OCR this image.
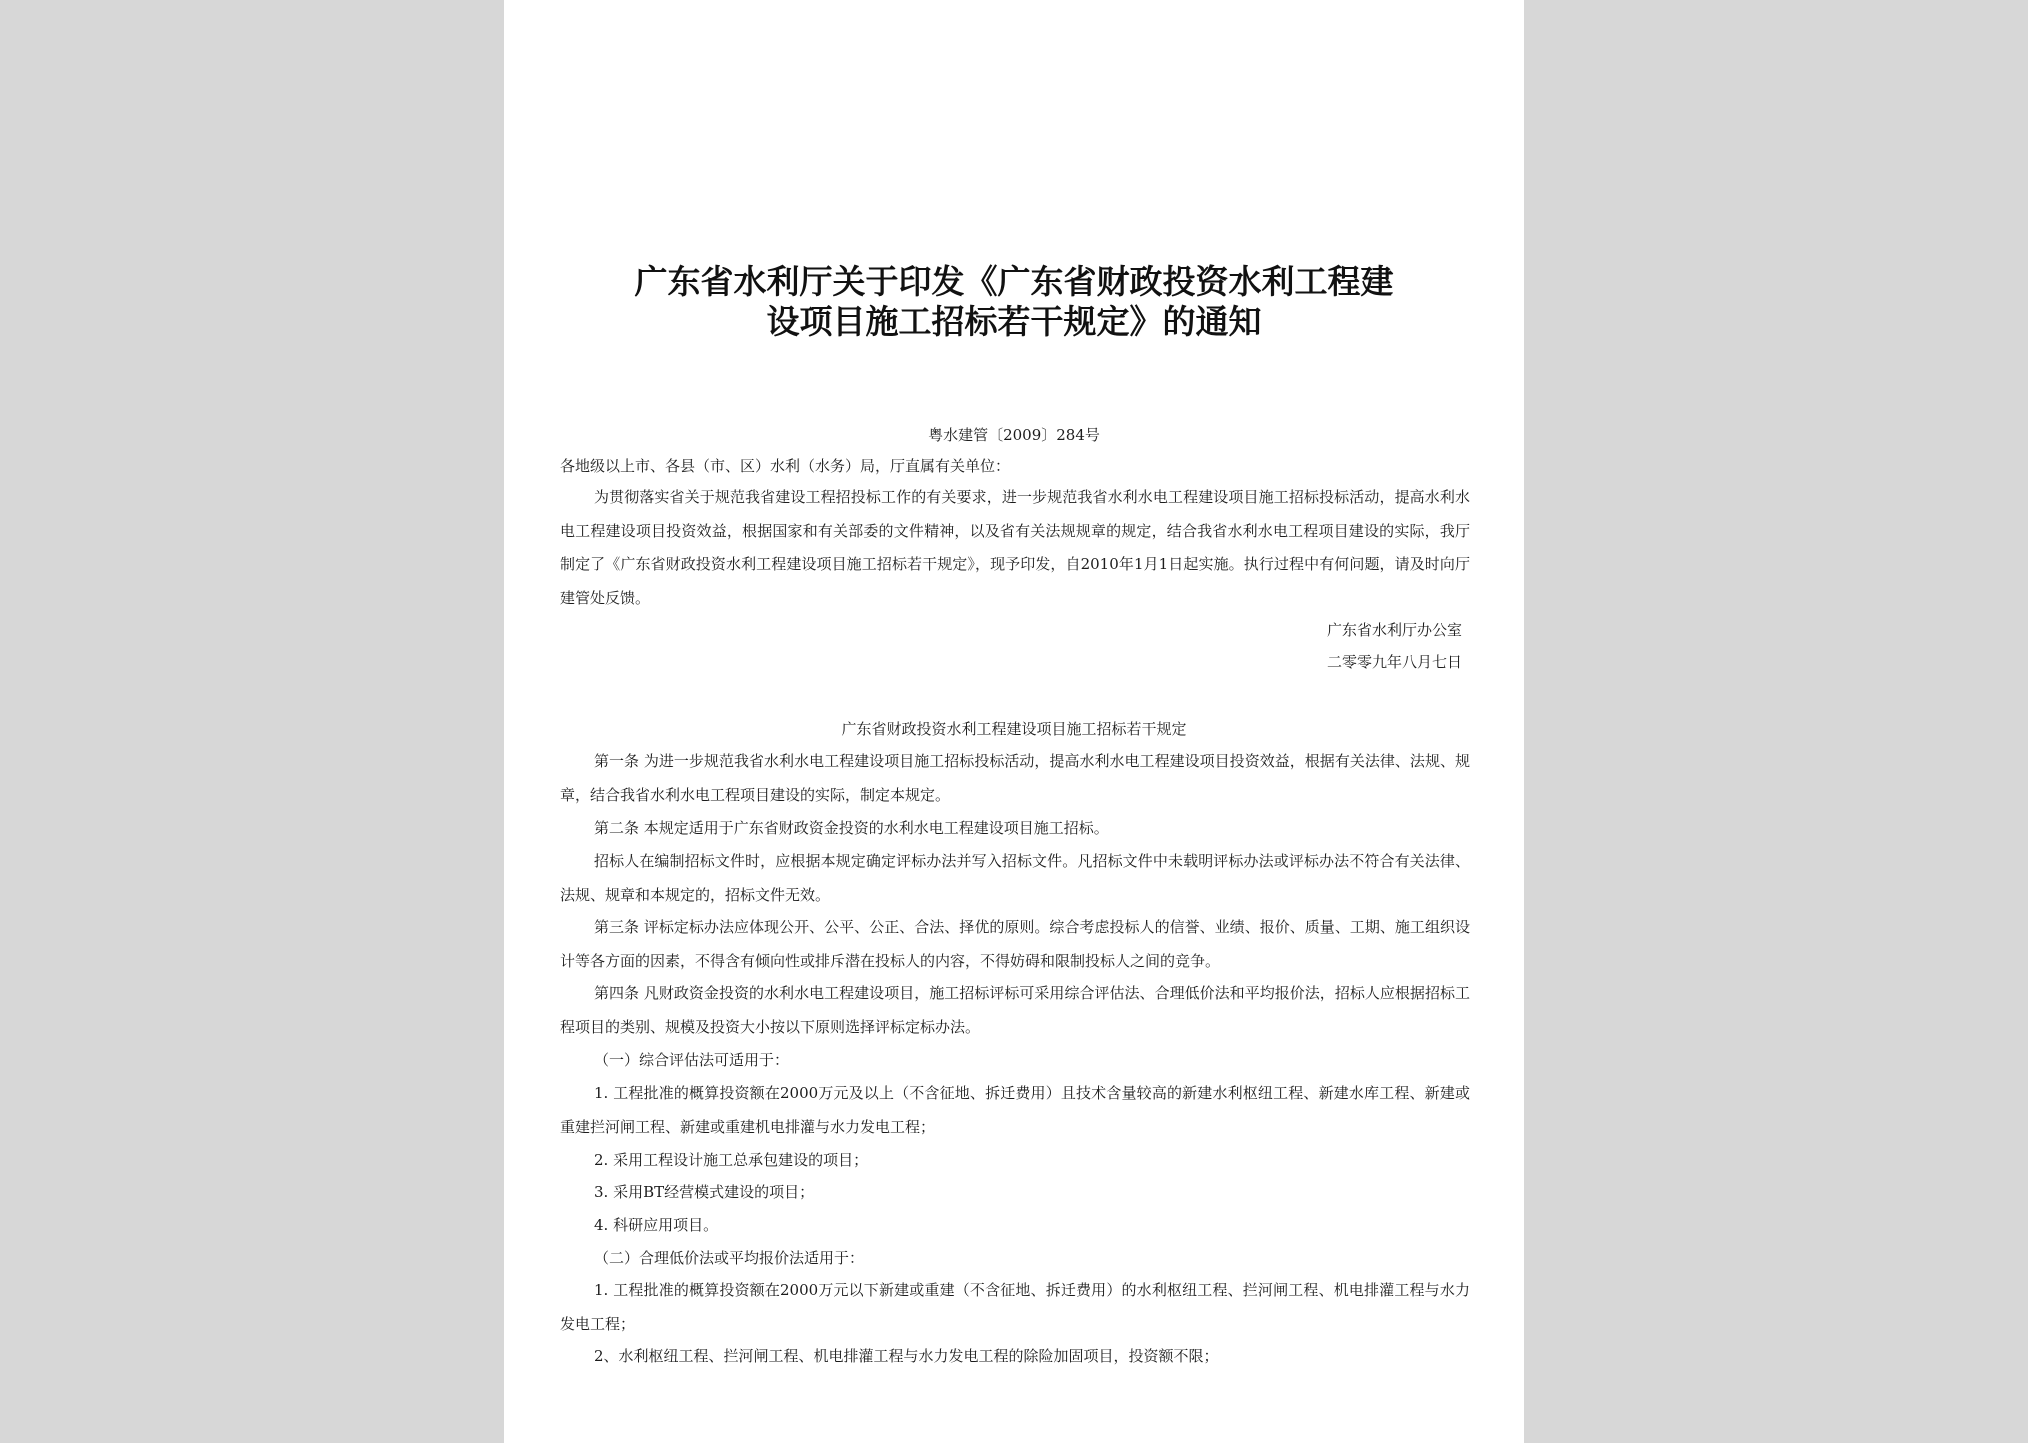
广东省水利厅关于印发《广东省财政投资水利工程建
设项目施工招标若干规定》的通知

粤水建管〔2009〕284号

各地级以上市、各县（市、区）水利（水务）局，厅直属有关单位：

为贯彻落实省关于规范我省建设工程招投标工作的有关要求，进一步规范我省水利水电工程建设项目施工招标投标活动，提高水利水电工程建设项目投资效益，根据国家和有关部委的文件精神，以及省有关法规规章的规定，结合我省水利水电工程项目建设的实际，我厅制定了《广东省财政投资水利工程建设项目施工招标若干规定》，现予印发，自2010年1月1日起实施。执行过程中有何问题，请及时向厅建管处反馈。

广东省水利厅办公室

二零零九年八月七日

广东省财政投资水利工程建设项目施工招标若干规定

第一条 为进一步规范我省水利水电工程建设项目施工招标投标活动，提高水利水电工程建设项目投资效益，根据有关法律、法规、规章，结合我省水利水电工程项目建设的实际，制定本规定。

第二条 本规定适用于广东省财政资金投资的水利水电工程建设项目施工招标。

招标人在编制招标文件时，应根据本规定确定评标办法并写入招标文件。凡招标文件中未载明评标办法或评标办法不符合有关法律、法规、规章和本规定的，招标文件无效。

第三条 评标定标办法应体现公开、公平、公正、合法、择优的原则。综合考虑投标人的信誉、业绩、报价、质量、工期、施工组织设计等各方面的因素，不得含有倾向性或排斥潜在投标人的内容，不得妨碍和限制投标人之间的竞争。

第四条 凡财政资金投资的水利水电工程建设项目，施工招标评标可采用综合评估法、合理低价法和平均报价法，招标人应根据招标工程项目的类别、规模及投资大小按以下原则选择评标定标办法。

（一）综合评估法可适用于：

1. 工程批准的概算投资额在2000万元及以上（不含征地、拆迁费用）且技术含量较高的新建水利枢纽工程、新建水库工程、新建或重建拦河闸工程、新建或重建机电排灌与水力发电工程；

2. 采用工程设计施工总承包建设的项目；

3. 采用BT经营模式建设的项目；

4. 科研应用项目。

（二）合理低价法或平均报价法适用于：

1. 工程批准的概算投资额在2000万元以下新建或重建（不含征地、拆迁费用）的水利枢纽工程、拦河闸工程、机电排灌工程与水力发电工程；

2、水利枢纽工程、拦河闸工程、机电排灌工程与水力发电工程的除险加固项目，投资额不限；
